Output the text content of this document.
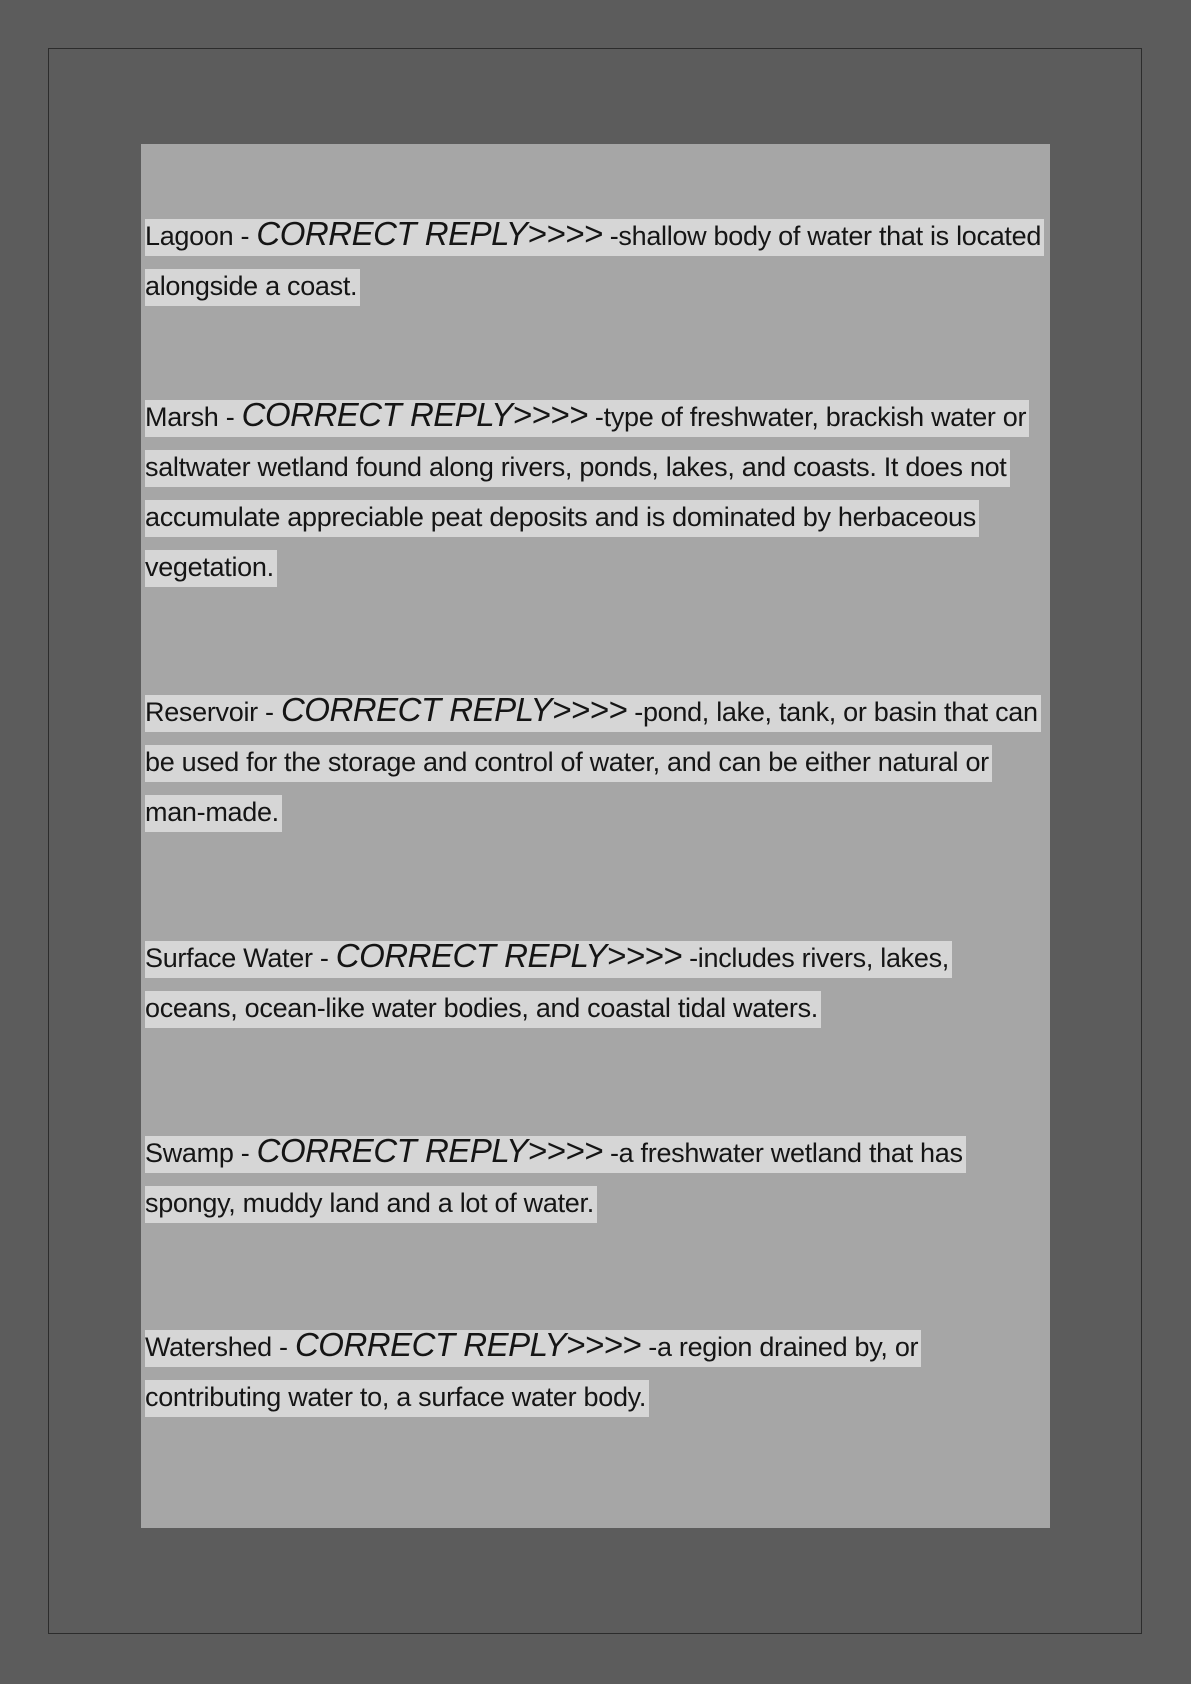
Lagoon - CORRECT REPLY>>>> -shallow body of water that is located alongside a coast.
Marsh - CORRECT REPLY>>>> -type of freshwater, brackish water or saltwater wetland found along rivers, ponds, lakes, and coasts. It does not accumulate appreciable peat deposits and is dominated by herbaceous vegetation.
Reservoir - CORRECT REPLY>>>> -pond, lake, tank, or basin that can be used for the storage and control of water, and can be either natural or man-made.
Surface Water - CORRECT REPLY>>>> -includes rivers, lakes, oceans, ocean-like water bodies, and coastal tidal waters.
Swamp - CORRECT REPLY>>>> -a freshwater wetland that has spongy, muddy land and a lot of water.
Watershed - CORRECT REPLY>>>> -a region drained by, or contributing water to, a surface water body.
